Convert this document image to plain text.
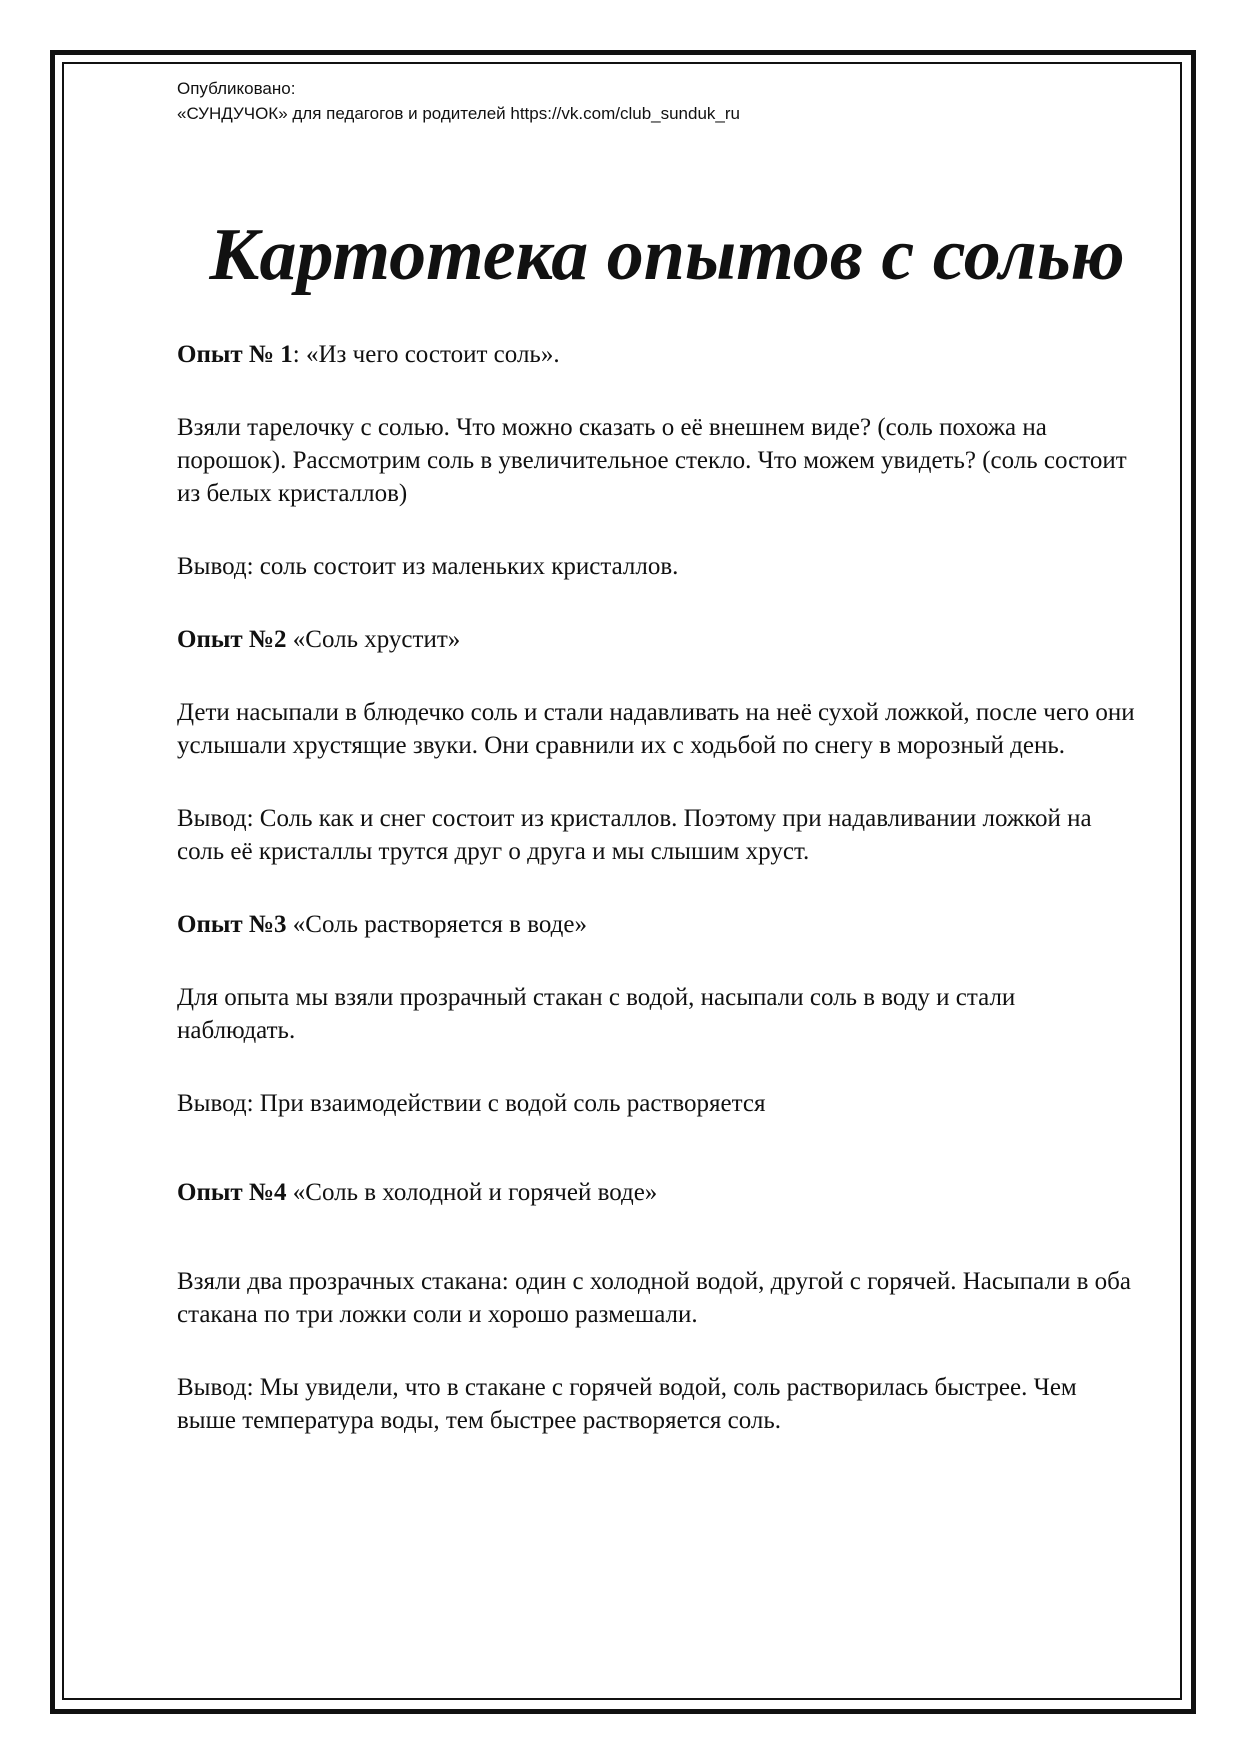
Опубликовано:

«СУНДУЧОК» для педагогов и родителей https://vk.com/club_sunduk_ru

Картотека опытов с солью

Опыт № 1: «Из чего состоит соль».

Взяли тарелочку с солью. Что можно сказать о её внешнем виде? (соль похожа на порошок). Рассмотрим соль в увеличительное стекло. Что можем увидеть? (соль состоит из белых кристаллов)

Вывод: соль состоит из маленьких кристаллов.

Опыт №2 «Соль хрустит»

Дети насыпали в блюдечко соль и стали надавливать на неё сухой ложкой, после чего они услышали хрустящие звуки. Они сравнили их с ходьбой по снегу в морозный день.

Вывод: Соль как и снег состоит из кристаллов. Поэтому при надавливании ложкой на соль её кристаллы трутся друг о друга и мы слышим хруст.

Опыт №3 «Соль растворяется в воде»

Для опыта мы взяли прозрачный стакан с водой, насыпали соль в воду и стали наблюдать.

Вывод: При взаимодействии с водой соль растворяется

Опыт №4 «Соль в холодной и горячей воде»

Взяли два прозрачных стакана: один с холодной водой, другой с горячей. Насыпали в оба стакана по три ложки соли и хорошо размешали.

Вывод: Мы увидели, что в стакане с горячей водой, соль растворилась быстрее. Чем выше температура воды, тем быстрее растворяется соль.
